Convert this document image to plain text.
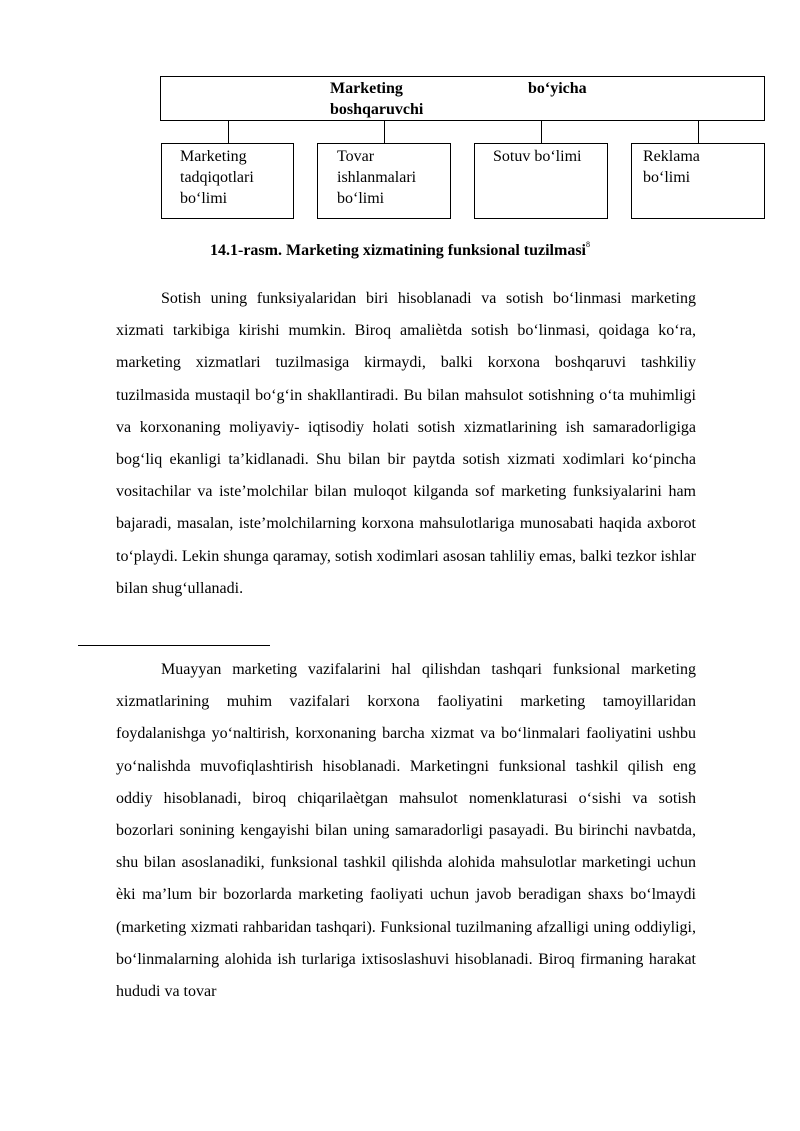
Marketing	bo‘yicha
boshqaruvchi
Marketing
tadqiqotlari
bo‘limi
Tovar
ishlanmalari
bo‘limi
Sotuv bo‘limi	Reklama
bo‘limi
14.1-rasm. Marketing xizmatining funksional tuzilmasi$^8$

Sotish uning funksiyalaridan biri hisoblanadi va sotish bo‘linmasi marketing xizmati tarkibiga kirishi mumkin. Biroq amaliètda sotish bo‘linmasi, qoidaga ko‘ra, marketing xizmatlari tuzilmasiga kirmaydi, balki korxona boshqaruvi tashkiliy tuzilmasida mustaqil bo‘g‘in shakllantiradi. Bu bilan mahsulot sotishning o‘ta muhimligi va korxonaning moliyaviy- iqtisodiy holati sotish xizmatlarining ish samaradorligiga bog‘liq ekanligi ta’kidlanadi. Shu bilan bir paytda sotish xizmati xodimlari ko‘pincha vositachilar va iste’molchilar bilan muloqot kilganda sof marketing funksiyalarini ham bajaradi, masalan, iste’molchilarning korxona mahsulotlariga munosabati haqida axborot to‘playdi. Lekin shunga qaramay, sotish xodimlari asosan tahliliy emas, balki tezkor ishlar bilan shug‘ullanadi.

Muayyan marketing vazifalarini hal qilishdan tashqari funksional marketing xizmatlarining muhim vazifalari korxona faoliyatini marketing tamoyillaridan foydalanishga yo‘naltirish, korxonaning barcha xizmat va bo‘linmalari faoliyatini ushbu yo‘nalishda muvofiqlashtirish hisoblanadi. Marketingni funksional tashkil qilish eng oddiy hisoblanadi, biroq chiqarilaètgan mahsulot nomenklaturasi o‘sishi va sotish bozorlari sonining kengayishi bilan uning samaradorligi pasayadi. Bu birinchi navbatda, shu bilan asoslanadiki, funksional tashkil qilishda alohida mahsulotlar marketingi uchun èki ma’lum bir bozorlarda marketing faoliyati uchun javob beradigan shaxs bo‘lmaydi (marketing xizmati rahbaridan tashqari). Funksional tuzilmaning afzalligi uning oddiyligi, bo‘linmalarning alohida ish turlariga ixtisoslashuvi hisoblanadi. Biroq firmaning harakat hududi va tovar
